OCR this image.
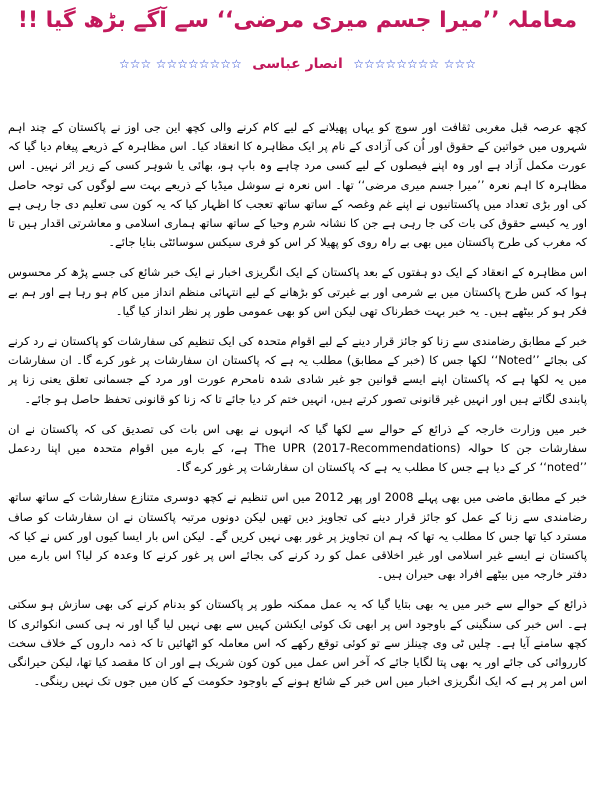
معاملہ ’’میرا جسم میری مرضی‘‘ سے آگے بڑھ گیا !!
☆☆☆ ☆☆☆☆☆☆☆☆ انصار عباسی ☆☆☆☆☆☆☆☆ ☆☆☆

کچھ عرصہ قبل مغربی ثقافت اور سوچ کو یہاں پھیلانے کے لیے کام کرنے والی کچھ این جی اوز نے پاکستان کے چند اہم شہروں میں خواتین کے حقوق اور اُن کی آزادی کے نام پر ایک مظاہرہ کا انعقاد کیا۔ اس مظاہرہ کے ذریعے پیغام دیا گیا کہ عورت مکمل آزاد ہے اور وہ اپنے فیصلوں کے لیے کسی مرد چاہے وہ باپ ہو، بھائی یا شوہر کسی کے زیر اثر نہیں۔ اس مظاہرہ کا اہم نعرہ ’’میرا جسم میری مرضی‘‘ تھا۔ اس نعرہ نے سوشل میڈیا کے ذریعے بہت سے لوگوں کی توجہ حاصل کی اور بڑی تعداد میں پاکستانیوں نے اپنے غم وغصہ کے ساتھ ساتھ تعجب کا اظہار کیا کہ یہ کون سی تعلیم دی جا رہی ہے اور یہ کیسے حقوق کی بات کی جا رہی ہے جن کا نشانہ شرم وحیا کے ساتھ ساتھ ہماری اسلامی و معاشرتی اقدار ہیں تا کہ مغرب کی طرح پاکستان میں بھی بے راہ روی کو پھیلا کر اس کو فری سیکس سوسائٹی بنایا جائے۔

اس مظاہرہ کے انعقاد کے ایک دو ہفتوں کے بعد پاکستان کے ایک انگریزی اخبار نے ایک خبر شائع کی جسے پڑھ کر محسوس ہوا کہ کس طرح پاکستان میں بے شرمی اور بے غیرتی کو بڑھانے کے لیے انتہائی منظم انداز میں کام ہو رہا ہے اور ہم بے فکر ہو کر بیٹھے ہیں۔ یہ خبر بہت خطرناک تھی لیکن اس کو بھی عمومی طور پر نظر انداز کیا گیا۔

خبر کے مطابق رضامندی سے زنا کو جائز قرار دینے کے لیے اقوام متحدہ کی ایک تنظیم کی سفارشات کو پاکستان نے رد کرنے کی بجائے ’’Noted‘‘ لکھا جس کا (خبر کے مطابق) مطلب یہ ہے کہ پاکستان ان سفارشات پر غور کرے گا۔ ان سفارشات میں یہ لکھا ہے کہ پاکستان اپنے ایسے قوانین جو غیر شادی شدہ نامحرم عورت اور مرد کے جسمانی تعلق یعنی زنا پر پابندی لگاتے ہیں اور انہیں غیر قانونی تصور کرتے ہیں، انہیں ختم کر دیا جائے تا کہ زنا کو قانونی تحفظ حاصل ہو جائے۔

خبر میں وزارت خارجہ کے ذرائع کے حوالے سے لکھا گیا کہ انہوں نے بھی اس بات کی تصدیق کی کہ پاکستان نے ان سفارشات جن کا حوالہ The UPR (2017-Recommendations) ہے، کے بارے میں اقوام متحدہ میں اپنا ردعمل ’’noted‘‘ کر کے دیا ہے جس کا مطلب یہ ہے کہ پاکستان ان سفارشات پر غور کرے گا۔

خبر کے مطابق ماضی میں بھی پہلے 2008 اور پھر 2012 میں اس تنظیم نے کچھ دوسری متنازع سفارشات کے ساتھ ساتھ رضامندی سے زنا کے عمل کو جائز قرار دینے کی تجاویز دیں تھیں لیکن دونوں مرتبہ پاکستان نے ان سفارشات کو صاف مسترد کیا تھا جس کا مطلب یہ تھا کہ ہم ان تجاویز پر غور بھی نہیں کریں گے۔ لیکن اس بار ایسا کیوں اور کس نے کیا کہ پاکستان نے ایسے غیر اسلامی اور غیر اخلاقی عمل کو رد کرنے کی بجائے اس پر غور کرنے کا وعدہ کر لیا؟ اس بارے میں دفتر خارجہ میں بیٹھے افراد بھی حیران ہیں۔

ذرائع کے حوالے سے خبر میں یہ بھی بتایا گیا کہ یہ عمل ممکنہ طور پر پاکستان کو بدنام کرنے کی بھی سازش ہو سکتی ہے۔ اس خبر کی سنگینی کے باوجود اس پر ابھی تک کوئی ایکشن کہیں سے بھی نہیں لیا گیا اور نہ ہی کسی انکوائری کا کچھ سامنے آیا ہے۔ چلیں ٹی وی چینلز سے تو کوئی توقع رکھے کہ اس معاملہ کو اٹھائیں تا کہ ذمہ داروں کے خلاف سخت کارروائی کی جائے اور یہ بھی پتا لگایا جائے کہ آخر اس عمل میں کون کون شریک ہے اور ان کا مقصد کیا تھا، لیکن حیرانگی اس امر پر ہے کہ ایک انگریزی اخبار میں اس خبر کے شائع ہونے کے باوجود حکومت کے کان میں جوں تک نہیں رینگی۔
